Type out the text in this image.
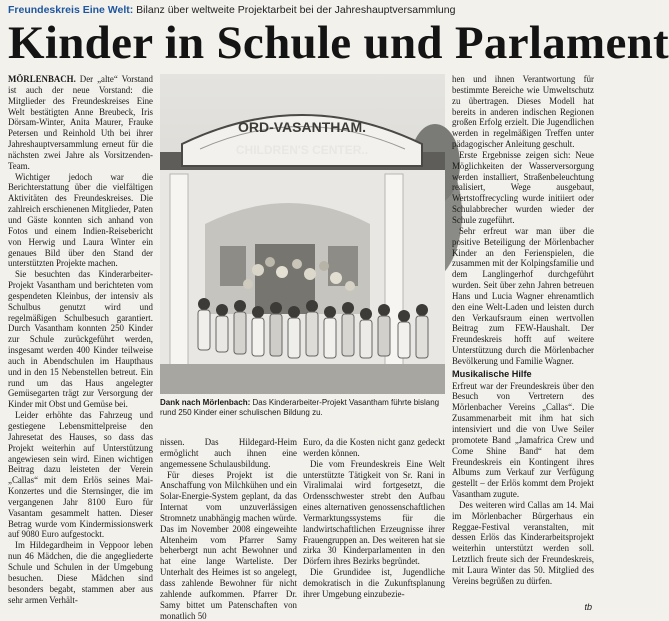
Freundeskreis Eine Welt: Bilanz über weltweite Projektarbeit bei der Jahreshauptversammlung
Kinder in Schule und Parlament

MÖRLENBACH. Der „alte“ Vorstand ist auch der neue Vorstand: die Mitglieder des Freundeskreises Eine Welt bestätigten Anne Breubeck, Iris Dörsam-Winter, Anita Maurer, Frauke Petersen und Reinhold Uth bei ihrer Jahreshauptversammlung erneut für die nächsten zwei Jahre als Vorsitzenden-Team.

Wichtiger jedoch war die Berichterstattung über die vielfältigen Aktivitäten des Freundeskreises. Die zahlreich erschienenen Mitglieder, Paten und Gäste konnten sich anhand von Fotos und einem Indien-Reisebericht von Herwig und Laura Winter ein genaues Bild über den Stand der unterstützten Projekte machen.

Sie besuchten das Kinderarbeiter-Projekt Vasantham und berichteten vom gespendeten Kleinbus, der intensiv als Schulbus genutzt wird und regelmäßigen Schulbesuch garantiert. Durch Vasantham konnten 250 Kinder zur Schule zurückgeführt werden, insgesamt werden 400 Kinder teilweise auch in Abendschulen im Haupthaus und in den 15 Nebenstellen betreut. Ein rund um das Haus angelegter Gemüsegarten trägt zur Versorgung der Kinder mit Obst und Gemüse bei.

Leider erhöhte das Fahrzeug und gestiegene Lebensmittelpreise den Jahresetat des Hauses, so dass das Projekt weiterhin auf Unterstützung angewiesen sein wird. Einen wichtigen Beitrag dazu leisteten der Verein „Callas“ mit dem Erlös seines Mai-Konzertes und die Sternsinger, die im vergangenen Jahr 8100 Euro für Vasantam gesammelt hatten. Dieser Betrag wurde vom Kindermissionswerk auf 9080 Euro aufgestockt.

Im Hildegardheim in Veppoor leben nun 46 Mädchen, die die angegliederte Schule und Schulen in der Umgebung besuchen. Diese Mädchen sind besonders begabt, stammen aber aus sehr armen Verhält-

ORD-VASANTHAM.
CHILDREN'S CENTER..
Dank nach Mörlenbach: Das Kinderarbeiter-Projekt Vasantham führte bislang rund 250 Kinder einer schulischen Bildung zu.

nissen. Das Hildegard-Heim ermöglicht auch ihnen eine angemessene Schulausbildung.

Für dieses Projekt ist die Anschaffung von Milchkühen und ein Solar-Energie-System geplant, da das Internat vom unzuverlässigen Stromnetz unabhängig machen würde. Das im November 2008 eingeweihte Altenheim vom Pfarrer Samy beherbergt nun acht Bewohner und hat eine lange Warteliste. Der Unterhalt des Heimes ist so angelegt, dass zahlende Bewohner für nicht zahlende aufkommen. Pfarrer Dr. Samy bittet um Patenschaften von monatlich 50

Euro, da die Kosten nicht ganz gedeckt werden können.

Die vom Freundeskreis Eine Welt unterstützte Tätigkeit von Sr. Rani in Viralimalai wird fortgesetzt, die Ordensschwester strebt den Aufbau eines alternativen genossenschaftlichen Vermarktungssystems für die landwirtschaftlichen Erzeugnisse ihrer Frauengruppen an. Des weiteren hat sie zirka 30 Kinderparlamenten in den Dörfern ihres Bezirks begründet.

Die Grundidee ist, Jugendliche demokratisch in die Zukunftsplanung ihrer Umgebung einzubezie-

hen und ihnen Verantwortung für bestimmte Bereiche wie Umweltschutz zu übertragen. Dieses Modell hat bereits in anderen indischen Regionen großen Erfolg erzielt. Die Jugendlichen werden in regelmäßigen Treffen unter pädagogischer Anleitung geschult.

Erste Ergebnisse zeigen sich: Neue Möglichkeiten der Wasserversorgung werden installiert, Straßenbeleuchtung realisiert, Wege ausgebaut, Wertstoffrecycling wurde initiiert oder Schulabbrecher wurden wieder der Schule zugeführt.

Sehr erfreut war man über die positive Beteiligung der Mörlenbacher Kinder an den Ferienspielen, die zusammen mit der Kolpingsfamilie und dem Langlingerhof durchgeführt wurden. Seit über zehn Jahren betreuen Hans und Lucia Wagner ehrenamtlich den eine Welt-Laden und leisten durch den Verkaufsraum einen wertvollen Beitrag zum FEW-Haushalt. Der Freundeskreis hofft auf weitere Unterstützung durch die Mörlenbacher Bevölkerung und Familie Wagner.

Musikalische Hilfe

Erfreut war der Freundeskreis über den Besuch von Vertretern des Mörlenbacher Vereins „Callas“. Die Zusammenarbeit mit ihm hat sich intensiviert und die von Uwe Seiler promotete Band „Jamafrica Crew und Come Shine Band“ hat dem Freundeskreis ein Kontingent ihres Albums zum Verkauf zur Verfügung gestellt – der Erlös kommt dem Projekt Vasantham zugute.

Des weiteren wird Callas am 14. Mai im Mörlenbacher Bürgerhaus ein Reggae-Festival veranstalten, mit dessen Erlös das Kinderarbeitsprojekt weiterhin unterstützt werden soll. Letztlich freute sich der Freundeskreis, mit Laura Winter das 50. Mitglied des Vereins begrüßen zu dürfen.

tb
